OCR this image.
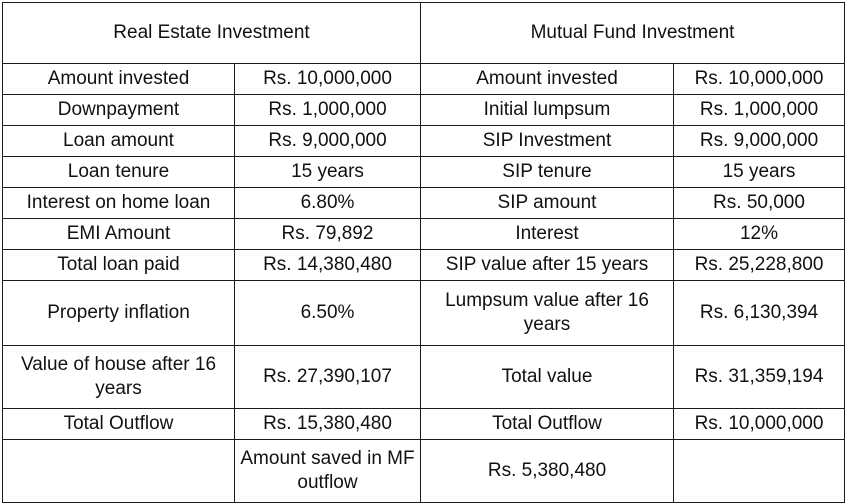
Real Estate Investment		Mutual Fund Investment	
Amount invested	Rs. 10,000,000	Amount invested	Rs. 10,000,000
Downpayment	Rs. 1,000,000	Initial lumpsum	Rs. 1,000,000
Loan amount	Rs. 9,000,000	SIP Investment	Rs. 9,000,000
Loan tenure	15 years	SIP tenure	15 years
Interest on home loan	6.80%	SIP amount	Rs. 50,000
EMI Amount	Rs. 79,892	Interest	12%
Total loan paid	Rs. 14,380,480	SIP value after 15 years	Rs. 25,228,800
Property inflation	6.50%	Lumpsum value after 16 years	Rs. 6,130,394
Value of house after 16 years	Rs. 27,390,107	Total value	Rs. 31,359,194
Total Outflow	Rs. 15,380,480	Total Outflow	Rs. 10,000,000
	Amount saved in MF outflow	Rs. 5,380,480	
